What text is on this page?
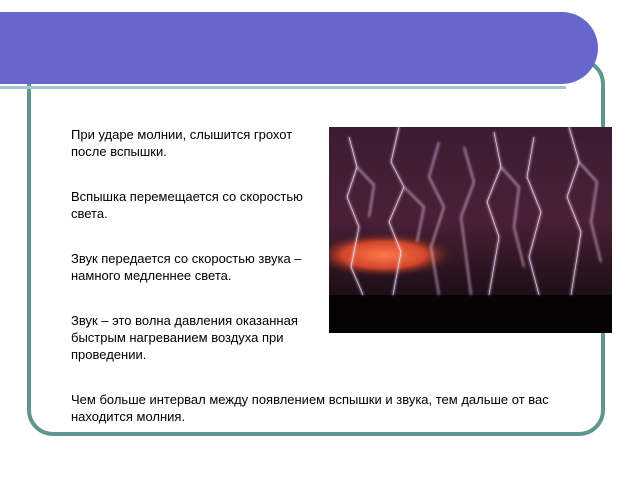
При ударе молнии, слышится грохот после вспышки.

Вспышка перемещается со скоростью света.

Звук передается со скоростью звука – намного медленнее света.

Звук – это волна давления оказанная быстрым нагреванием воздуха при проведении.

Чем больше интервал между появлением вспышки и звука, тем дальше от вас находится молния.
